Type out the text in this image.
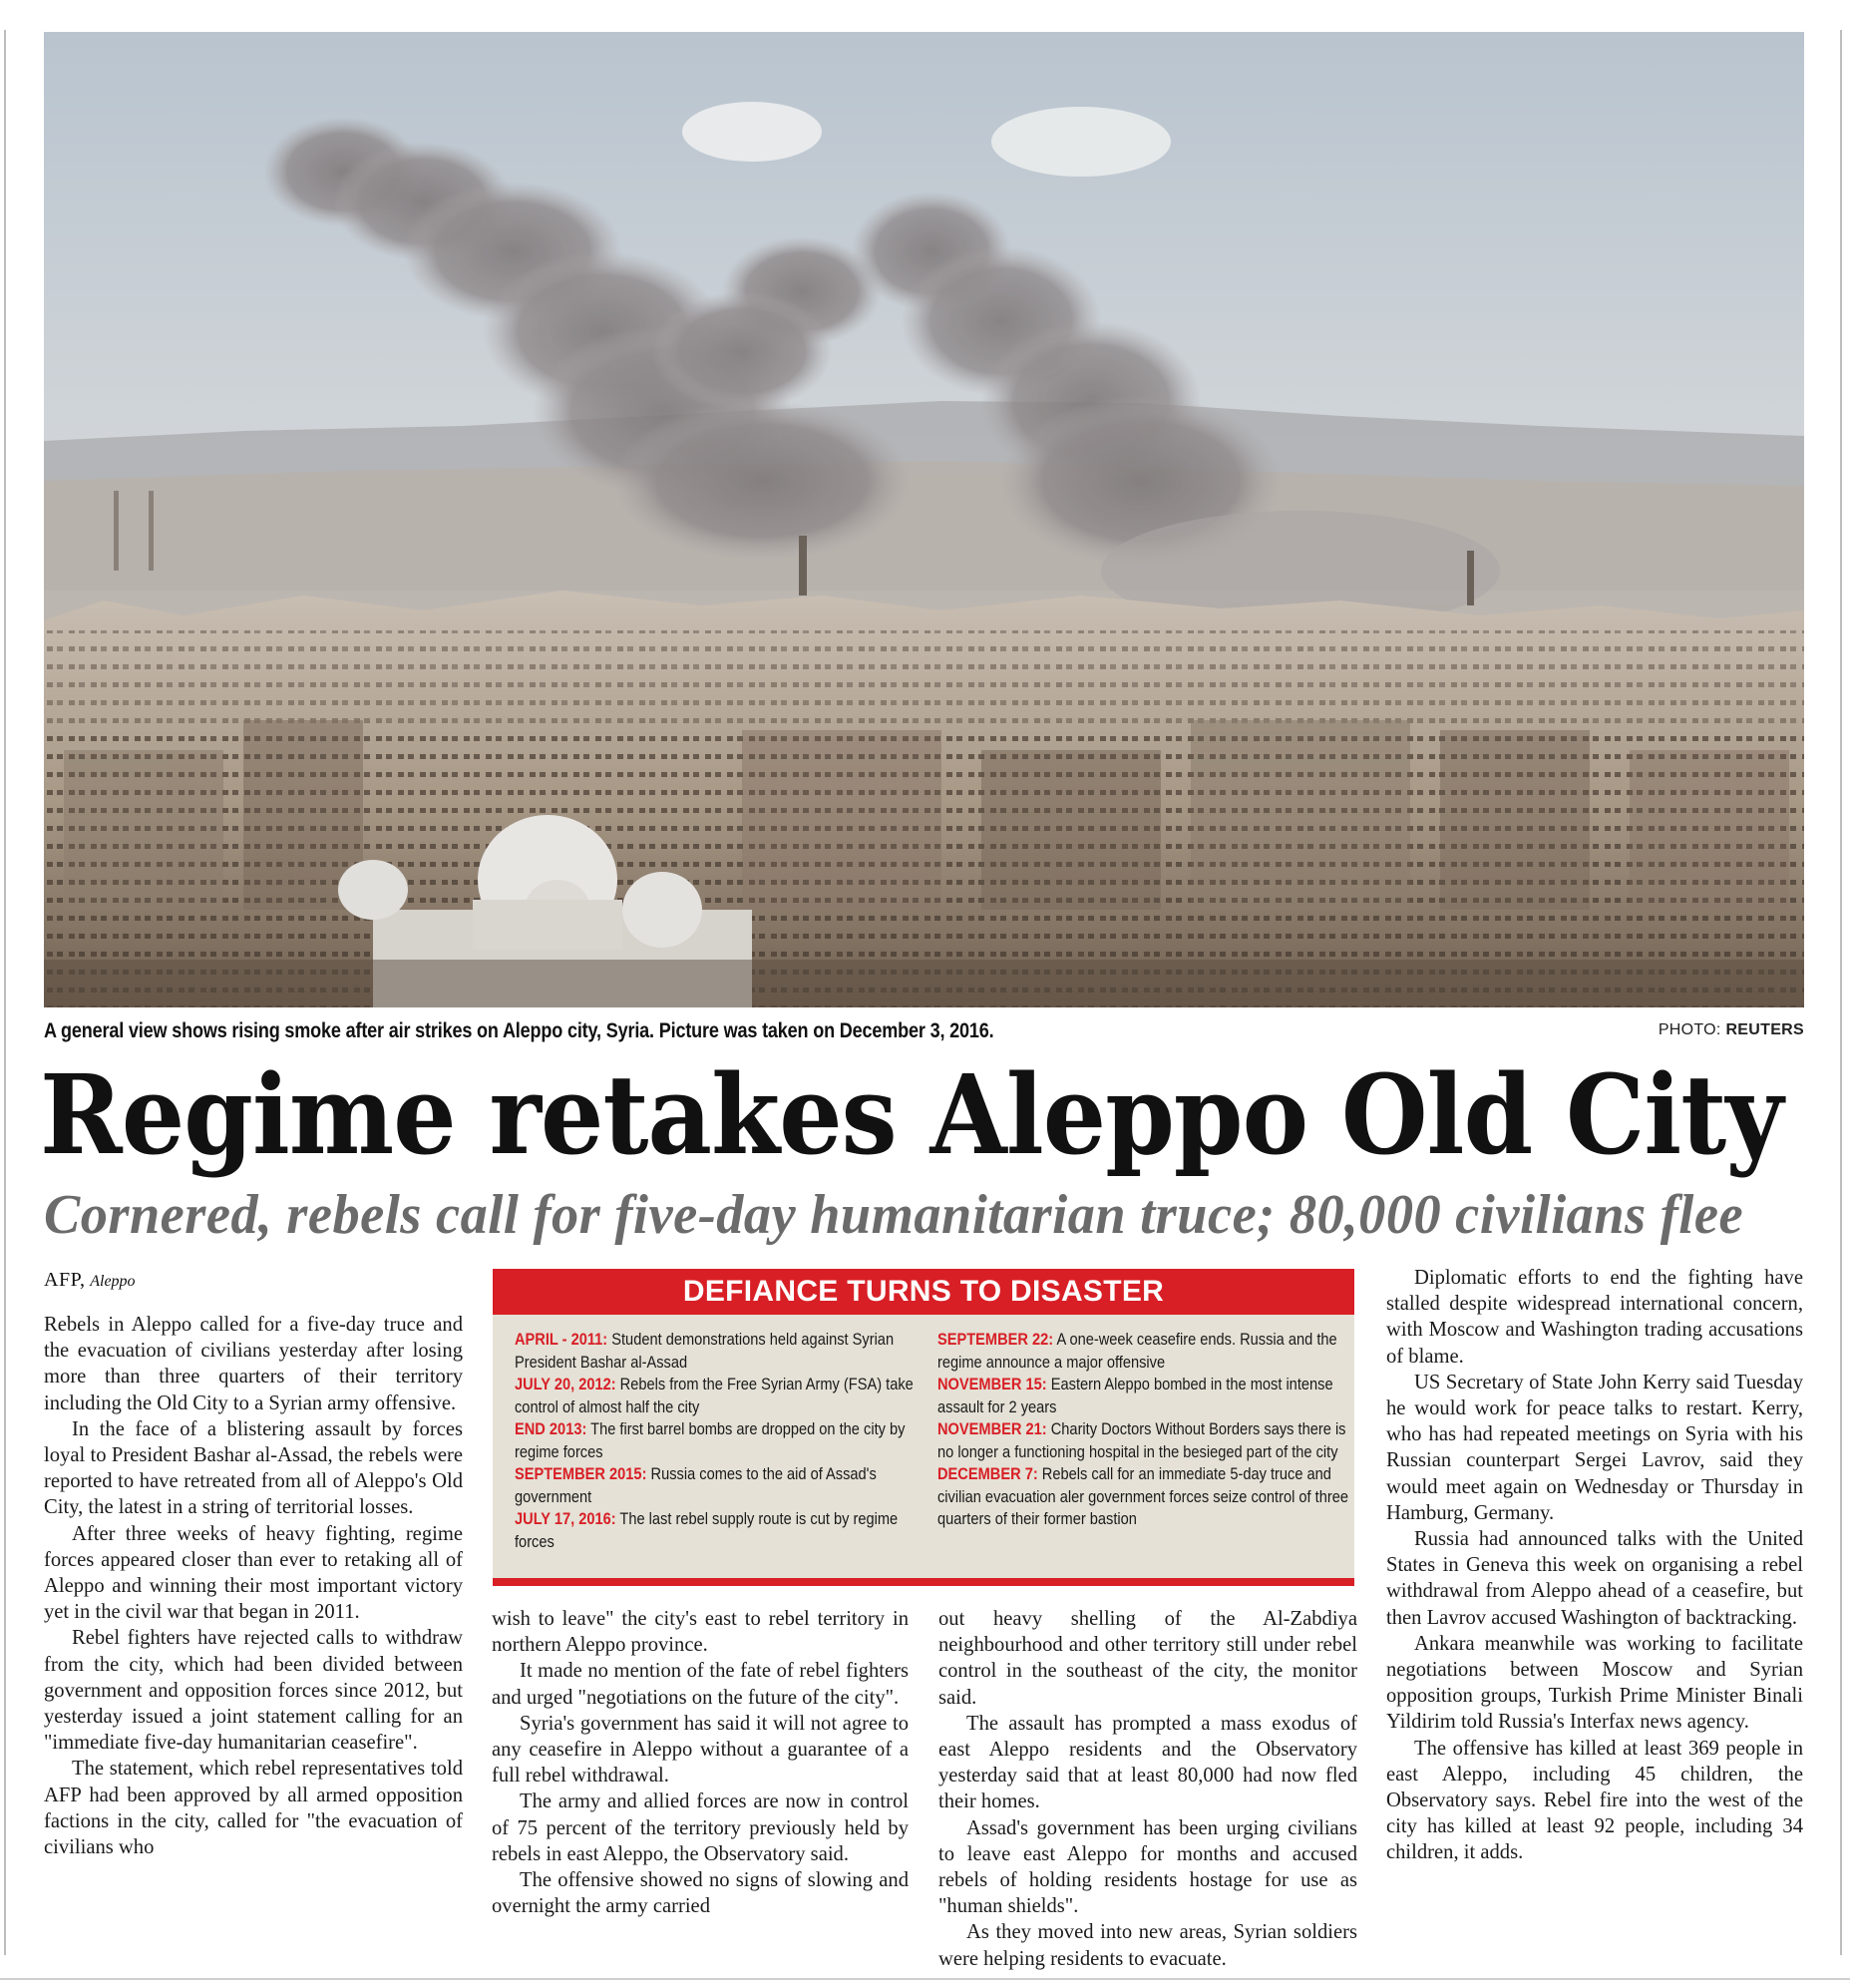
A general view shows rising smoke after air strikes on Aleppo city, Syria. Picture was taken on December 3, 2016.	PHOTO: REUTERS
Regime retakes Aleppo Old City
Cornered, rebels call for five-day humanitarian truce; 80,000 civilians flee
AFP, Aleppo

Rebels in Aleppo called for a five-day truce and the evacuation of civilians yesterday after losing more than three quarters of their territory including the Old City to a Syrian army offensive.

In the face of a blistering assault by forces loyal to President Bashar al-Assad, the rebels were reported to have retreated from all of Aleppo's Old City, the latest in a string of territorial losses.

After three weeks of heavy fighting, regime forces appeared closer than ever to retaking all of Aleppo and winning their most important victory yet in the civil war that began in 2011.

Rebel fighters have rejected calls to withdraw from the city, which had been divided between government and opposition forces since 2012, but yesterday issued a joint statement calling for an "immediate five-day humanitarian ceasefire".

The statement, which rebel representatives told AFP had been approved by all armed opposition factions in the city, called for "the evacuation of civilians who

DEFIANCE TURNS TO DISASTER
APRIL - 2011: Student demonstrations held against Syrian President Bashar al-Assad
JULY 20, 2012: Rebels from the Free Syrian Army (FSA) take control of almost half the city
END 2013: The first barrel bombs are dropped on the city by regime forces
SEPTEMBER 2015: Russia comes to the aid of Assad's government
JULY 17, 2016: The last rebel supply route is cut by regime forces
SEPTEMBER 22: A one-week ceasefire ends. Russia and the regime announce a major offensive
NOVEMBER 15: Eastern Aleppo bombed in the most intense assault for 2 years
NOVEMBER 21: Charity Doctors Without Borders says there is no longer a functioning hospital in the besieged part of the city
DECEMBER 7: Rebels call for an immediate 5-day truce and civilian evacuation aler government forces seize control of three quarters of their former bastion

wish to leave" the city's east to rebel territory in northern Aleppo province.

It made no mention of the fate of rebel fighters and urged "negotiations on the future of the city".

Syria's government has said it will not agree to any ceasefire in Aleppo without a guarantee of a full rebel withdrawal.

The army and allied forces are now in control of 75 percent of the territory previously held by rebels in east Aleppo, the Observatory said.

The offensive showed no signs of slowing and overnight the army carried

out heavy shelling of the Al-Zabdiya neighbourhood and other territory still under rebel control in the southeast of the city, the monitor said.

The assault has prompted a mass exodus of east Aleppo residents and the Observatory yesterday said that at least 80,000 had now fled their homes.

Assad's government has been urging civilians to leave east Aleppo for months and accused rebels of holding residents hostage for use as "human shields".

As they moved into new areas, Syrian soldiers were helping residents to evacuate.

Diplomatic efforts to end the fighting have stalled despite widespread international concern, with Moscow and Washington trading accusations of blame.

US Secretary of State John Kerry said Tuesday he would work for peace talks to restart. Kerry, who has had repeated meetings on Syria with his Russian counterpart Sergei Lavrov, said they would meet again on Wednesday or Thursday in Hamburg, Germany.

Russia had announced talks with the United States in Geneva this week on organising a rebel withdrawal from Aleppo ahead of a ceasefire, but then Lavrov accused Washington of backtracking.

Ankara meanwhile was working to facilitate negotiations between Moscow and Syrian opposition groups, Turkish Prime Minister Binali Yildirim told Russia's Interfax news agency.

The offensive has killed at least 369 people in east Aleppo, including 45 children, the Observatory says. Rebel fire into the west of the city has killed at least 92 people, including 34 children, it adds.
